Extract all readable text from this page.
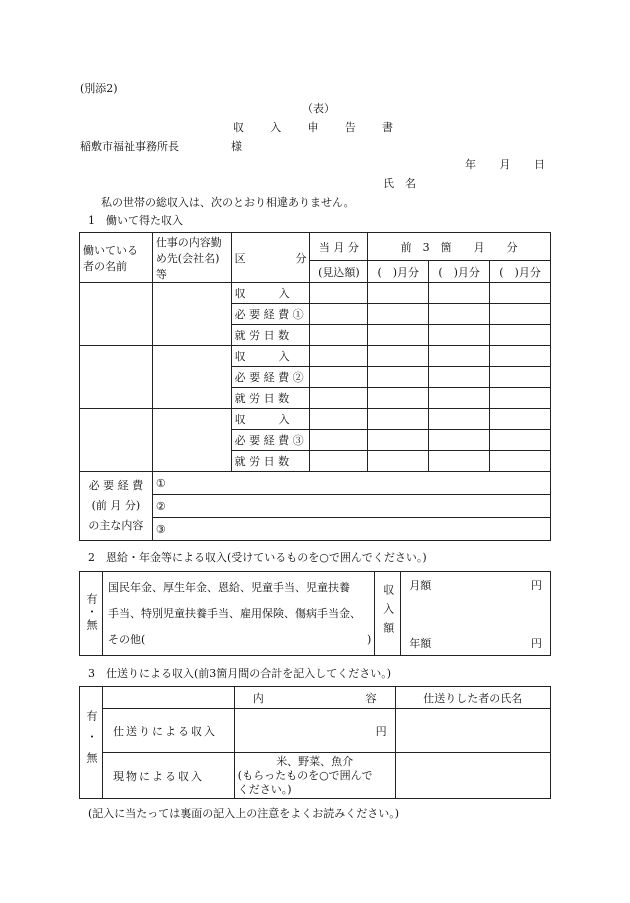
(別添2)
（表）
収 入 申 告 書
稲敷市福祉事務所長	様
年 月 日
氏　名
私の世帯の総収入は、次のとおり相違ありません。
1　働いて得た収入
働いている者の名前	仕事の内容勤め先(会社名)等	区 分	当 月 分	前　3　箇　　月　　分		
			(見込額)	(　)月分	(　)月分	(　)月分
		収　　　入				
		必 要 経 費 ①				
		就 労 日 数				
		収　　　入				
		必 要 経 費 ②				
		就 労 日 数				
		収　　　入				
		必 要 経 費 ③				
		就 労 日 数				

必 要 経 費
(前 月 分)
の主な内容	①					
	②					
	③					
2　恩給・年金等による収入(受けているものを○で囲んでください。)
有・無	
国民年金、厚生年金、恩給、児童手当、児童扶養
手当、特別児童扶養手当、雇用保険、傷病手当金、
その他(	)	収入額	月額	円
年額	円
3　仕送りによる収入(前3箇月間の合計を記入してください。)
有・無		内 容	仕送りした者の氏名
	仕送りによる収入	円	
	現物による収入	米、野菜、魚介
(もらったものを○で囲んで
ください。)	

(記入に当たっては裏面の記入上の注意をよくお読みください。)
